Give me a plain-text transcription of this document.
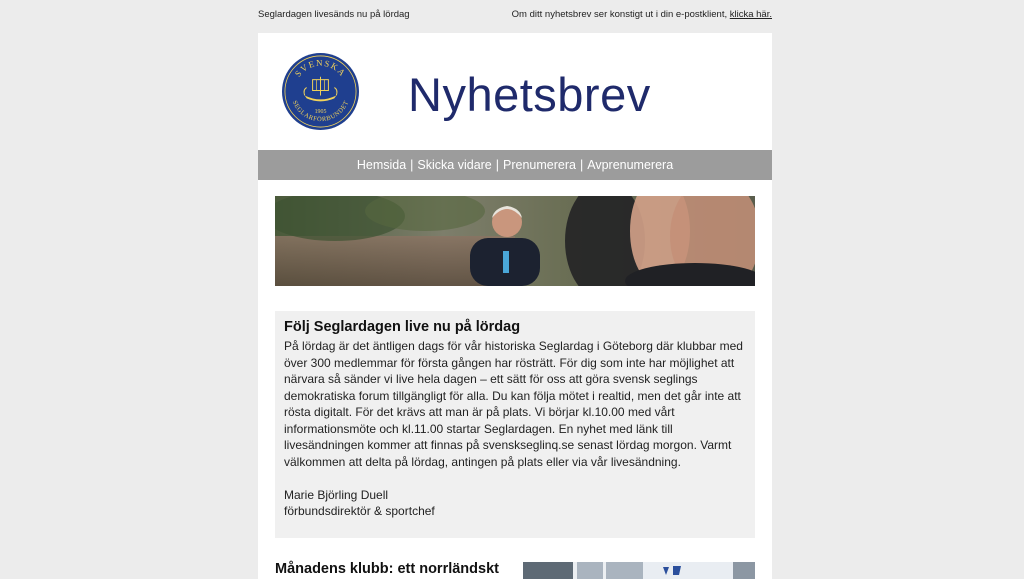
Seglardagen livesänds nu på lördag	Om ditt nyhetsbrev ser konstigt ut i din e-postklient, klicka här.
SVENSKA
SEGLARFÖRBUNDET
1905 Nyhetsbrev
Hemsida | Skicka vidare | Prenumerera | Avprenumerera
Följ Seglardagen live nu på lördag

På lördag är det äntligen dags för vår historiska Seglardag i Göteborg där klubbar med över 300 medlemmar för första gången har rösträtt. För dig som inte har möjlighet att närvara så sänder vi live hela dagen – ett sätt för oss att göra svensk seglings demokratiska forum tillgängligt för alla. Du kan följa mötet i realtid, men det går inte att rösta digitalt. För det krävs att man är på plats. Vi börjar kl.10.00 med vårt informationsmöte och kl.11.00 startar Seglardagen. En nyhet med länk till livesändningen kommer att finnas på svenskseglinq.se senast lördag morgon. Varmt välkommen att delta på lördag, antingen på plats eller via vår livesändning.

Marie Björling Duell

förbundsdirektör & sportchef

Månadens klubb: ett norrländskt
